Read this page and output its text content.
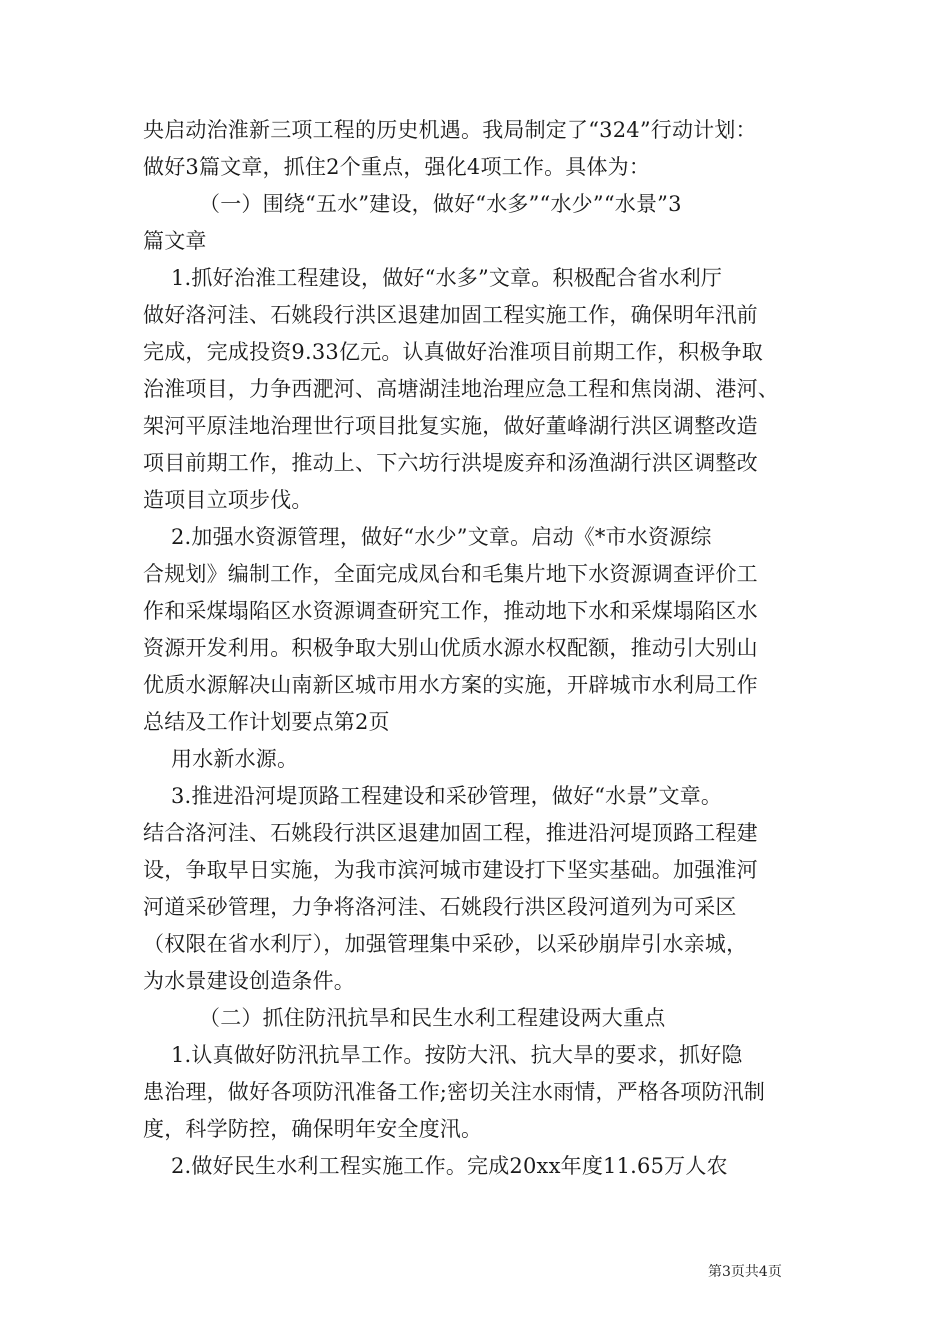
央启动治淮新三项工程的历史机遇。我局制定了“324”行动计划：
做好3篇文章，抓住2个重点，强化4项工作。具体为：
（一）围绕“五水”建设，做好“水多”“水少”“水景”3
篇文章
1.抓好治淮工程建设，做好“水多”文章。积极配合省水利厅
做好洛河洼、石姚段行洪区退建加固工程实施工作，确保明年汛前
完成，完成投资9.33亿元。认真做好治淮项目前期工作，积极争取
治淮项目，力争西淝河、高塘湖洼地治理应急工程和焦岗湖、港河、
架河平原洼地治理世行项目批复实施，做好董峰湖行洪区调整改造
项目前期工作，推动上、下六坊行洪堤废弃和汤渔湖行洪区调整改
造项目立项步伐。
2.加强水资源管理，做好“水少”文章。启动《*市水资源综
合规划》编制工作，全面完成凤台和毛集片地下水资源调查评价工
作和采煤塌陷区水资源调查研究工作，推动地下水和采煤塌陷区水
资源开发利用。积极争取大别山优质水源水权配额，推动引大别山
优质水源解决山南新区城市用水方案的实施，开辟城市水利局工作
总结及工作计划要点第2页
用水新水源。
3.推进沿河堤顶路工程建设和采砂管理，做好“水景”文章。
结合洛河洼、石姚段行洪区退建加固工程，推进沿河堤顶路工程建
设，争取早日实施，为我市滨河城市建设打下坚实基础。加强淮河
河道采砂管理，力争将洛河洼、石姚段行洪区段河道列为可采区
（权限在省水利厅），加强管理集中采砂，以采砂崩岸引水亲城，
为水景建设创造条件。
（二）抓住防汛抗旱和民生水利工程建设两大重点
1.认真做好防汛抗旱工作。按防大汛、抗大旱的要求，抓好隐
患治理，做好各项防汛准备工作;密切关注水雨情，严格各项防汛制
度，科学防控，确保明年安全度汛。
2.做好民生水利工程实施工作。完成20xx年度11.65万人农
第3页共4页
